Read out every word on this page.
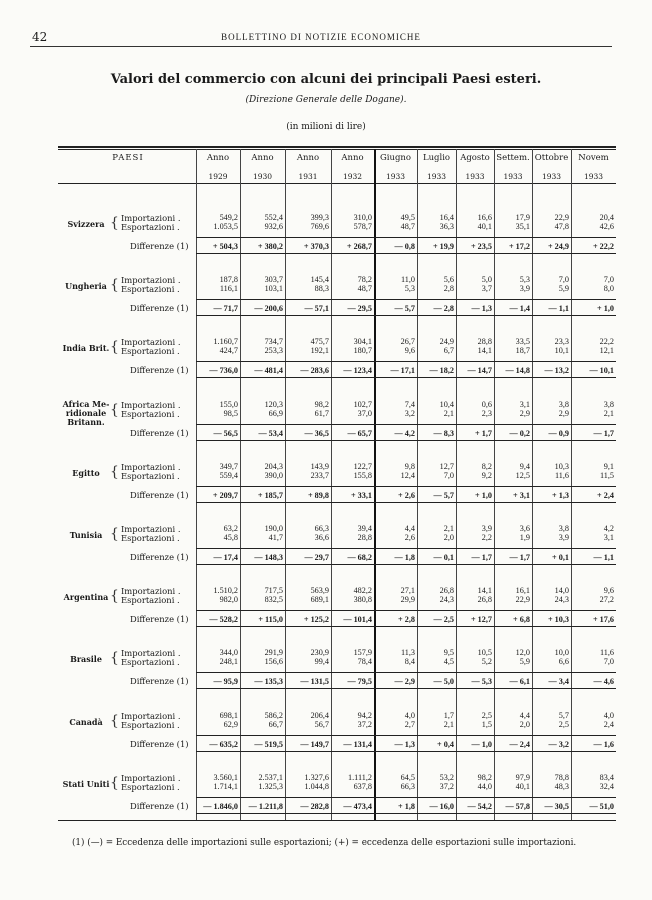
42	BOLLETTINO DI NOTIZIE ECONOMICHE
Valori del commercio con alcuni dei principali Paesi esteri.
(Direzione Generale delle Dogane).
(in milioni di lire)
PAESI	Anno
1929
Anno
1930
Anno
1931
Anno
1932
Giugno
1933
Luglio
1933
Agosto
1933
Settem.
1933
Ottobre
1933
Novem
1933
Svizzera { Importazioni .
Esportazioni .
Differenze (1)
549,2
1.053,5
+ 504,3
552,4
932,6
+ 380,2
399,3
769,6
+ 370,3
310,0
578,7
+ 268,7
49,5
48,7
— 0,8
16,4
36,3
+ 19,9
16,6
40,1
+ 23,5
17,9
35,1
+ 17,2
22,9
47,8
+ 24,9
20,4
42,6
+ 22,2
Ungheria { Importazioni .
Esportazioni .
Differenze (1)
187,8
116,1
— 71,7
303,7
103,1
— 200,6
145,4
88,3
— 57,1
78,2
48,7
— 29,5
11,0
5,3
— 5,7
5,6
2,8
— 2,8
5,0
3,7
— 1,3
5,3
3,9
— 1,4
7,0
5,9
— 1,1
7,0
8,0
+ 1,0
India Brit. { Importazioni .
Esportazioni .
Differenze (1)
1.160,7
424,7
— 736,0
734,7
253,3
— 481,4
475,7
192,1
— 283,6
304,1
180,7
— 123,4
26,7
9,6
— 17,1
24,9
6,7
— 18,2
28,8
14,1
— 14,7
33,5
18,7
— 14,8
23,3
10,1
— 13,2
22,2
12,1
— 10,1
Africa Me- ridionale Britann.
{ Importazioni .
Esportazioni .
Differenze (1)
155,0
98,5
— 56,5
120,3
66,9
— 53,4
98,2
61,7
— 36,5
102,7
37,0
— 65,7
7,4
3,2
— 4,2
10,4
2,1
— 8,3
0,6
2,3
+ 1,7
3,1
2,9
— 0,2
3,8
2,9
— 0,9
3,8
2,1
— 1,7
Egitto { Importazioni .
Esportazioni .
Differenze (1)
349,7
559,4
+ 209,7
204,3
390,0
+ 185,7
143,9
233,7
+ 89,8
122,7
155,8
+ 33,1
9,8
12,4
+ 2,6
12,7
7,0
— 5,7
8,2
9,2
+ 1,0
9,4
12,5
+ 3,1
10,3
11,6
+ 1,3
9,1
11,5
+ 2,4
Tunisia { Importazioni .
Esportazioni .
Differenze (1)
63,2
45,8
— 17,4
190,0
41,7
— 148,3
66,3
36,6
— 29,7
39,4
28,8
— 68,2
4,4
2,6
— 1,8
2,1
2,0
— 0,1
3,9
2,2
— 1,7
3,6
1,9
— 1,7
3,8
3,9
+ 0,1
4,2
3,1
— 1,1
Argentina { Importazioni .
Esportazioni .
Differenze (1)
1.510,2
982,0
— 528,2
717,5
832,5
+ 115,0
563,9
689,1
+ 125,2
482,2
380,8
— 101,4
27,1
29,9
+ 2,8
26,8
24,3
— 2,5
14,1
26,8
+ 12,7
16,1
22,9
+ 6,8
14,0
24,3
+ 10,3
9,6
27,2
+ 17,6
Brasile { Importazioni .
Esportazioni .
Differenze (1)
344,0
248,1
— 95,9
291,9
156,6
— 135,3
230,9
99,4
— 131,5
157,9
78,4
— 79,5
11,3
8,4
— 2,9
9,5
4,5
— 5,0
10,5
5,2
— 5,3
12,0
5,9
— 6,1
10,0
6,6
— 3,4
11,6
7,0
— 4,6
Canadà { Importazioni .
Esportazioni .
Differenze (1)
698,1
62,9
— 635,2
586,2
66,7
— 519,5
206,4
56,7
— 149,7
94,2
37,2
— 131,4
4,0
2,7
— 1,3
1,7
2,1
+ 0,4
2,5
1,5
— 1,0
4,4
2,0
— 2,4
5,7
2,5
— 3,2
4,0
2,4
— 1,6
Stati Uniti { Importazioni .
Esportazioni .
Differenze (1)
3.560,1
1.714,1
— 1.846,0
2.537,1
1.325,3
— 1.211,8
1.327,6
1.044,8
— 282,8
1.111,2
637,8
— 473,4
64,5
66,3
+ 1,8
53,2
37,2
— 16,0
98,2
44,0
— 54,2
97,9
40,1
— 57,8
78,8
48,3
— 30,5
83,4
32,4
— 51,0
(1) (—) = Eccedenza delle importazioni sulle esportazioni; (+) = eccedenza delle esportazioni sulle importazioni.
